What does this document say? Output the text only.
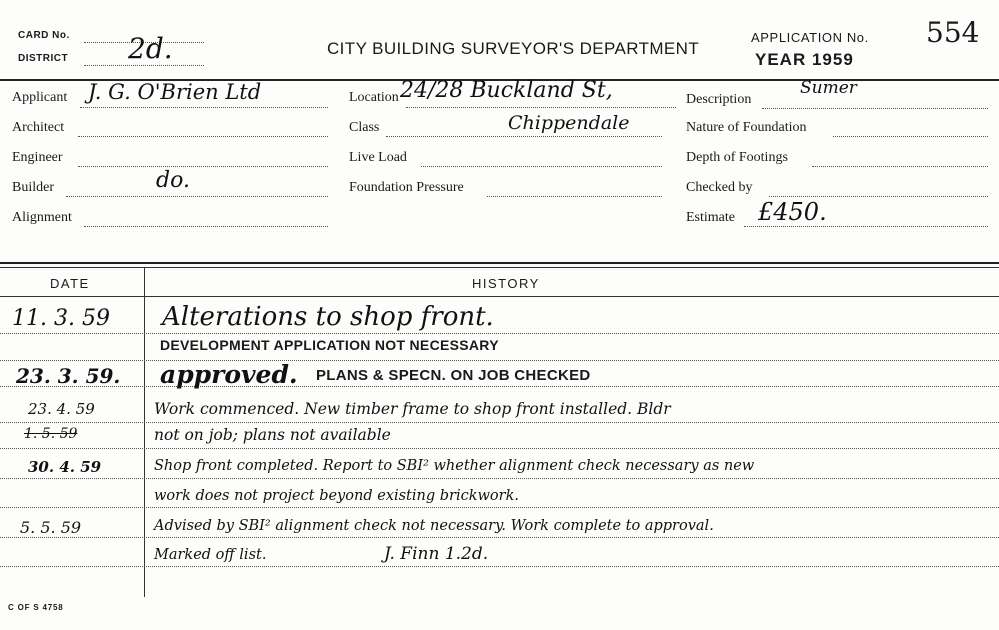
CARD No.
DISTRICT 2d.	CITY BUILDING SURVEYOR'S DEPARTMENT
APPLICATION No.
YEAR 1959
554
Applicant J. G. O'Brien Ltd
Architect
Engineer
Builder	do.
Alignment
Location 24/28 Buckland St,
Class	Chippendale
Live Load
Foundation Pressure
Description
Sumer
Nature of Foundation
Depth of Footings
Checked by
Estimate £450.
DATE	HISTORY
11. 3. 59 Alterations to shop front.
DEVELOPMENT APPLICATION NOT NECESSARY
23. 3. 59. approved. PLANS & SPECN. ON JOB CHECKED
23. 4. 59	Work commenced. New timber frame to shop front installed. Bldr
1. 5. 59	not on job; plans not available
30. 4. 59	Shop front completed. Report to SBI² whether alignment check necessary as new
work does not project beyond existing brickwork.
5. 5. 59	Advised by SBI² alignment check not necessary. Work complete to approval.
Marked off list.	J. Finn 1.2d.
C OF S 4758
